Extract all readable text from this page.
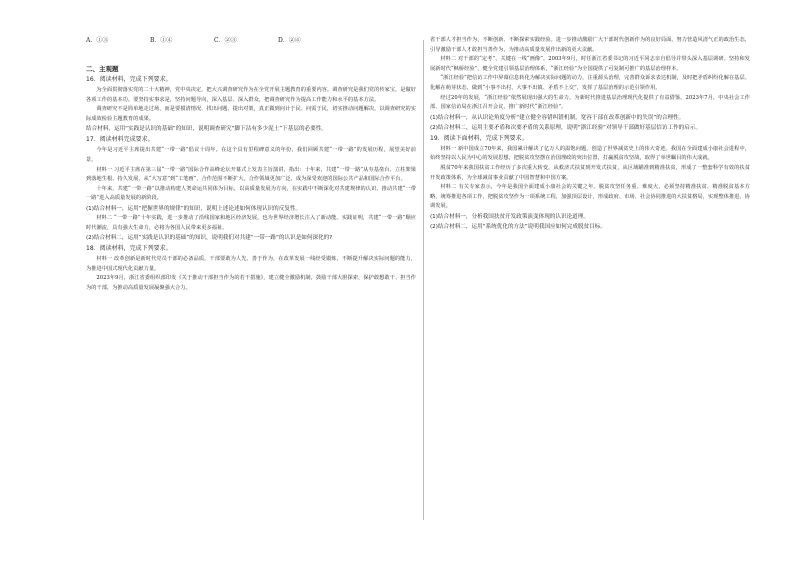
A．①③	B．①④	C．②③	D．②④
二、主观题
16．阅读材料，完成下列要求。

为全面贯彻落实党的二十大精神，党中央决定，把大兴调查研究作为在全党开展主题教育的重要内容。调查研究是我们党的传家宝，是做好各项工作的基本功。要坚持实事求是，坚持问题导向，深入基层、深入群众，把调查研究作为提高工作能力和水平的基本方法。

调查研究不是简单地走过场，而是要摸清情况、找出问题、提出对策，真正做到问计于民、问需于民，切实推动问题解决，以调查研究的实际成效检验主题教育的成果。

结合材料，运用“实践是认识的基础”的知识，说明调查研究“脚下沾有多少泥土”下基层的必要性。

17．阅读材料完成要求。

今年是习近平主席提出共建“一带一路”倡议十周年。在这个具有里程碑意义的年份，我们回顾共建“一带一路”的发展历程，展望美好前景。

材料一 习近平主席在第三届“一带一路”国际合作高峰论坛开幕式上发表主旨演讲，指出：十年来，共建“一带一路”从夯基垒台、立柱架梁到落地生根、持久发展，从“大写意”到“工笔画”，合作范围不断扩大，合作领域更加广泛，成为深受欢迎的国际公共产品和国际合作平台。

十年来，共建“一带一路”以推动构建人类命运共同体为目标，以高质量发展为方向，在实践中不断深化对共建规律的认识，推动共建“一带一路”进入高质量发展的新阶段。

(1)结合材料一，运用“把握世界的规律”的知识，说明上述论述如何体现认识的反复性。

材料二 “一带一路”十年实践，进一步推动了沿线国家和地区经济发展，也为世界经济增长注入了新动能。实践证明，共建“一带一路”顺应时代潮流，具有强大生命力，必将为各国人民带来更多福祉。

(2)结合材料二，运用“实践是认识的基础”的知识，说明我们对共建“一带一路”的认识是如何深化的?

18．阅读材料，完成下列要求。

材料一 改革创新是新时代党员干部的必备品质。干部要敢为人先、善于作为，在改革发展一线经受锻炼，不断提升解决实际问题的能力，为推进中国式现代化贡献力量。

2023年9月，浙江省委组织部印发《关于推动干部担当作为的若干措施》，建立健全激励机制，鼓励干部大胆探索，保护敢想敢干、担当作为的干部，为推动高质量发展凝聚强大合力。

省干部人才担当作为，不断创新、不断探索实践经验。进一步推动激励广大干部时代创新作为的良好局面，努力营造风清气正的政治生态，引导激励干部人才敢担当善作为，为推动高质量发展作出新的更大贡献。

材料二 对干部的“定考”，关键在一线“画像”。2003年9月，时任浙江省委书记的习近平同志亲自倡导并带头深入基层调研。坚持和发展新时代“枫桥经验”，健全党建引领基层治理体系，“浙江经验”为全国提供了可复制可推广的基层治理样本。

“浙江经验”把信访工作中屏幕信息转化为解决实际问题的动力，注重源头治理，完善群众诉求表达机制，及时把矛盾纠纷化解在基层、化解在萌芽状态，做到“小事不出村、大事不出镇、矛盾不上交”，发挥了基层治理的示范引领作用。

经过20年的发展，“浙江经验”依然展现出强大的生命力，为新时代推进基层治理现代化提供了有益借鉴。2023年7月，中央社会工作部、国家信访局在浙江召开会议，推广新时代“浙江经验”。

(1)结合材料一，从认识论角度分析“建立健全容错纠错机制，宽容干部在改革创新中的失误”的合理性。

(2)结合材料二，运用主要矛盾和次要矛盾的关系原理，说明“浙江经验”对领导干部做好基层信访工作的启示。

19．阅读下面材料，完成下列要求。

材料一 新中国成立70年来，我国累计解决了亿万人的温饱问题，创造了世界减贫史上的伟大奇迹。我国在全面建成小康社会进程中，始终坚持以人民为中心的发展思想，把脱贫攻坚摆在治国理政的突出位置，打赢脱贫攻坚战，取得了举世瞩目的伟大成就。

脱贫70年来我国扶贫工作经历了多次重大转变，从救济式扶贫到开发式扶贫，从区域瞄准到精准扶贫，形成了一整套科学有效的扶贫开发政策体系，为全球减贫事业贡献了中国智慧和中国方案。

材料二 有关专家表示，今年是我国全面建成小康社会的关键之年。脱贫攻坚任务重、难度大，必须坚持精准扶贫、精准脱贫基本方略，统筹推进各项工作，把脱贫攻坚作为一项系统工程，加强顶层设计，形成政府、市场、社会协同推进的大扶贫格局，实现整体推进、协调发展。

(1)结合材料一，分析我国扶贫开发政策演变体现的认识论道理。

(2)结合材料二，运用“系统优化的方法”说明我国应如何完成脱贫目标。
